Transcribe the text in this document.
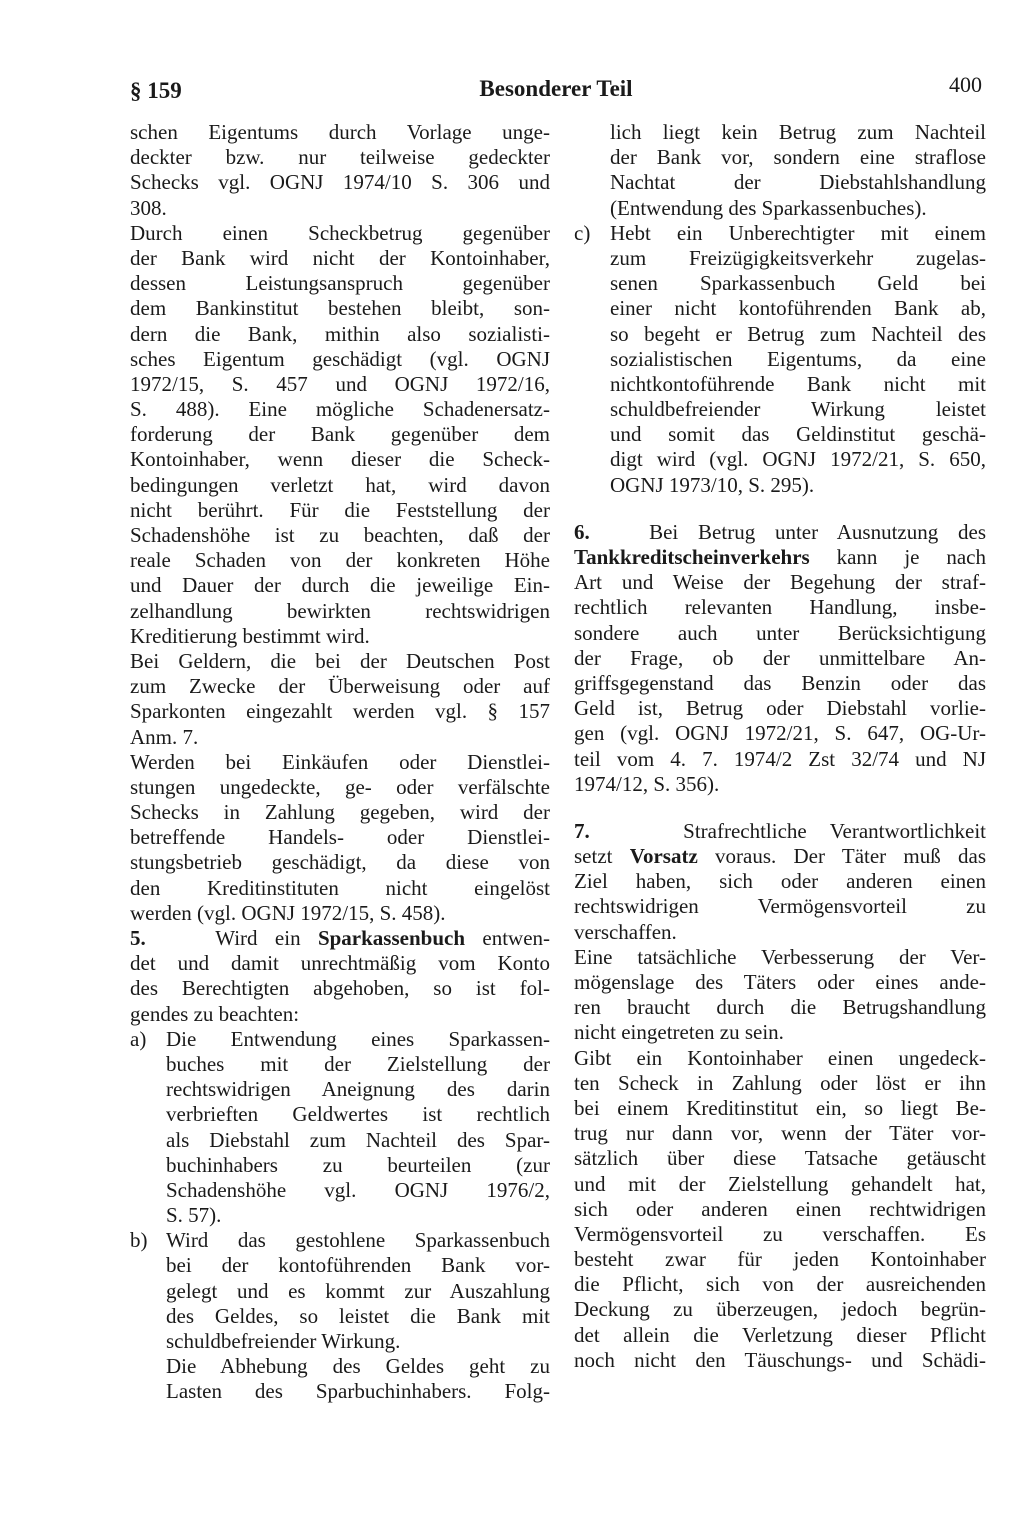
§ 159	Besonderer Teil	400
schen Eigentums durch Vorlage unge-
deckter bzw. nur teilweise gedeckter
Schecks vgl. OGNJ 1974/10 S. 306 und
308.
Durch einen Scheckbetrug gegenüber
der Bank wird nicht der Kontoinhaber,
dessen Leistungsanspruch gegenüber
dem Bankinstitut bestehen bleibt, son-
dern die Bank, mithin also sozialisti-
sches Eigentum geschädigt (vgl. OGNJ
1972/15, S. 457 und OGNJ 1972/16,
S. 488). Eine mögliche Schadenersatz-
forderung der Bank gegenüber dem
Kontoinhaber, wenn dieser die Scheck-
bedingungen verletzt hat, wird davon
nicht berührt. Für die Feststellung der
Schadenshöhe ist zu beachten, daß der
reale Schaden von der konkreten Höhe
und Dauer der durch die jeweilige Ein-
zelhandlung bewirkten rechtswidrigen
Kreditierung bestimmt wird.
Bei Geldern, die bei der Deutschen Post
zum Zwecke der Überweisung oder auf
Sparkonten eingezahlt werden vgl. § 157
Anm. 7.
Werden bei Einkäufen oder Dienstlei-
stungen ungedeckte, ge- oder verfälschte
Schecks in Zahlung gegeben, wird der
betreffende Handels- oder Dienstlei-
stungsbetrieb geschädigt, da diese von
den Kreditinstituten nicht eingelöst
werden (vgl. OGNJ 1972/15, S. 458).
5.	Wird ein Sparkassenbuch entwen-
det und damit unrechtmäßig vom Konto
des Berechtigten abgehoben, so ist fol-
gendes zu beachten:
a) Die Entwendung eines Sparkassen-
buches mit der Zielstellung der
rechtswidrigen Aneignung des darin
verbrieften Geldwertes ist rechtlich
als Diebstahl zum Nachteil des Spar-
buchinhabers zu beurteilen (zur
Schadenshöhe vgl. OGNJ 1976/2,
S. 57).
b) Wird das gestohlene Sparkassenbuch
bei der kontoführenden Bank vor-
gelegt und es kommt zur Auszahlung
des Geldes, so leistet die Bank mit
schuldbefreiender Wirkung.
Die Abhebung des Geldes geht zu
Lasten des Sparbuchinhabers. Folg-
lich liegt kein Betrug zum Nachteil
der Bank vor, sondern eine straflose
Nachtat der Diebstahlshandlung
(Entwendung des Sparkassenbuches).
c) Hebt ein Unberechtigter mit einem
zum Freizügigkeitsverkehr zugelas-
senen Sparkassenbuch Geld bei
einer nicht kontoführenden Bank ab,
so begeht er Betrug zum Nachteil des
sozialistischen Eigentums, da eine
nichtkontoführende Bank nicht mit
schuldbefreiender Wirkung leistet
und somit das Geldinstitut geschä-
digt wird (vgl. OGNJ 1972/21, S. 650,
OGNJ 1973/10, S. 295).
6.	Bei Betrug unter Ausnutzung des
Tankkreditscheinverkehrs kann je nach
Art und Weise der Begehung der straf-
rechtlich relevanten Handlung, insbe-
sondere auch unter Berücksichtigung
der Frage, ob der unmittelbare An-
griffsgegenstand das Benzin oder das
Geld ist, Betrug oder Diebstahl vorlie-
gen (vgl. OGNJ 1972/21, S. 647, OG-Ur-
teil vom 4. 7. 1974/2 Zst 32/74 und NJ
1974/12, S. 356).
7.	Strafrechtliche Verantwortlichkeit
setzt Vorsatz voraus. Der Täter muß das
Ziel haben, sich oder anderen einen
rechtswidrigen Vermögensvorteil zu
verschaffen.
Eine tatsächliche Verbesserung der Ver-
mögenslage des Täters oder eines ande-
ren braucht durch die Betrugshandlung
nicht eingetreten zu sein.
Gibt ein Kontoinhaber einen ungedeck-
ten Scheck in Zahlung oder löst er ihn
bei einem Kreditinstitut ein, so liegt Be-
trug nur dann vor, wenn der Täter vor-
sätzlich über diese Tatsache getäuscht
und mit der Zielstellung gehandelt hat,
sich oder anderen einen rechtwidrigen
Vermögensvorteil zu verschaffen. Es
besteht zwar für jeden Kontoinhaber
die Pflicht, sich von der ausreichenden
Deckung zu überzeugen, jedoch begrün-
det allein die Verletzung dieser Pflicht
noch nicht den Täuschungs- und Schädi-
